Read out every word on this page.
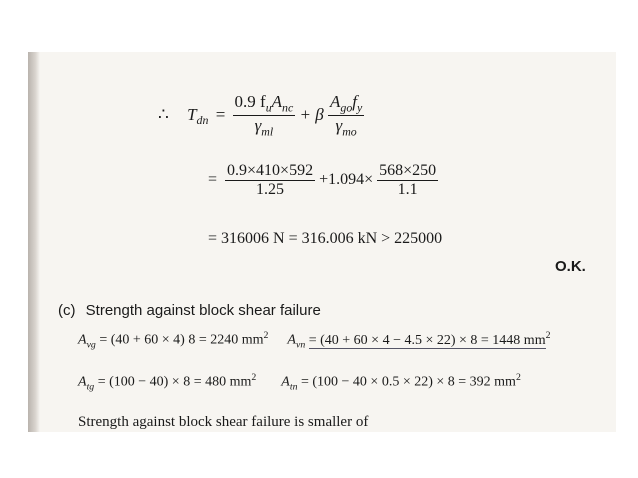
∴ $T_{dn} = \frac{0.9 f_uA_{nc}}{\gamma_{ml}} + \beta \frac{A_{go}f_y}{\gamma_{mo}}$
= $\frac{0.9\times 410\times 592}{1.25} +1.094\times \frac{568\times 250}{1.1}$
= 316006 N = 316.006 kN > 225000
O.K.
(c) Strength against block shear failure
$A_{vg} = (40 + 60 \times 4) 8 = 2240$ $mm^2$ $A_{vn} = (40 + 60 \times 4 - 4.5 \times 22) \times 8 = 1448$ $mm^2$
$A_{tg} = (100 - 40) \times 8 = 480$ $mm^2$ $A_{tn} = (100 - 40 \times 0.5 \times 22) \times 8 = 392$ $mm^2$
Strength against block shear failure is smaller of
